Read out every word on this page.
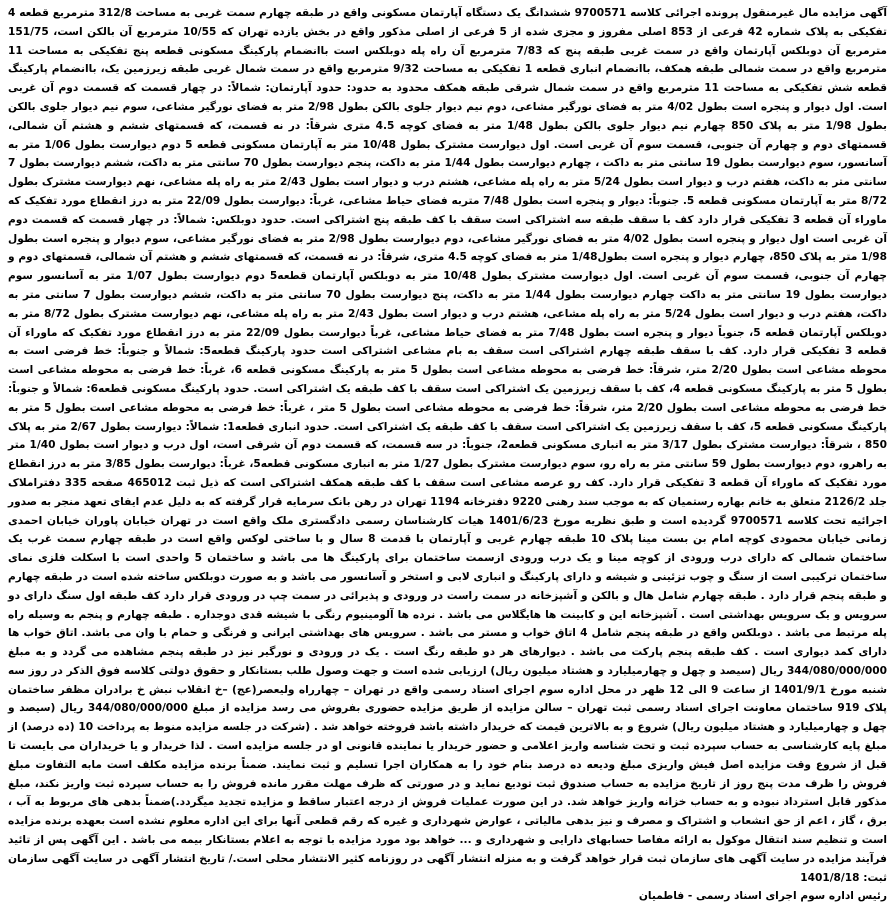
آگهی مزایده مال غیرمنقول پرونده اجرائی کلاسه 9700571 ششدانگ یک دستگاه آپارتمان مسکونی واقع در طبقه چهارم سمت غربی به مساحت 312/8 مترمربع قطعه 4 تفکیکی به پلاک شماره 42 فرعی از 853 اصلی مفروز و مجزی شده از 5 فرعی از اصلی مذکور واقع در بخش یازده تهران که 10/55 مترمربع آن بالکن است، 151/75 مترمربع آن دوبلکس آپارتمان واقع در سمت غربی طبقه پنج که 7/83 مترمربع آن راه پله دوبلکس است باانضمام پارکینگ مسکونی قطعه پنج تفکیکی به مساحت 11 مترمربع واقع در سمت شمالی طبقه همکف، باانضمام انباری قطعه 1 تفکیکی به مساحت 9/32 مترمربع واقع در سمت شمال غربی طبقه زیرزمین یک، باانضمام پارکینگ قطعه شش تفکیکی به مساحت 11 مترمربع واقع در سمت شمال شرقی طبقه همکف محدود به حدود: حدود آپارتمان: شمالاً: در چهار قسمت که قسمت دوم آن غربی است. اول دیوار و پنجره است بطول 4/02 متر به فضای نورگیر مشاعی، دوم نیم دیوار جلوی بالکن بطول 2/98 متر به فضای نورگیر مشاعی، سوم نیم دیوار جلوی بالکن بطول 1/98 متر به پلاک 850 چهارم نیم دیوار جلوی بالکن بطول 1/48 متر به فضای کوچه 4.5 متری شرقاً: در نه قسمت، که قسمتهای ششم و هشتم آن شمالی، قسمتهای دوم و چهارم آن جنوبی، قسمت سوم آن غربی است. اول دیوارست مشترک بطول 10/48 متر به آپارتمان مسکونی قطعه 5 دوم دیوارست بطول 1/06 متر به آسانسور، سوم دیوارست بطول 19 سانتی متر به داکت ، چهارم دیوارست بطول 1/44 متر به داکت، پنجم دیوارست بطول 70 سانتی متر به داکت، ششم دیوارست بطول 7 سانتی متر به داکت، هفتم درب و دیوار است بطول 5/24 متر به راه پله مشاعی، هشتم درب و دیوار است بطول 2/43 متر به راه پله مشاعی، نهم دیوارست مشترک بطول 8/72 متر به آپارتمان مسکونی قطعه 5. جنوباً: دیوار و پنجره است بطول 7/48 متربه فضای حیاط مشاعی، غرباً: دیوارست بطول 22/09 متر به درز انقطاع مورد تفکیک که ماوراء آن قطعه 3 تفکیکی قرار دارد کف با سقف طبقه سه اشتراکی است سقف با کف طبقه پنج اشتراکی است. حدود دوبلکس: شمالاً: در چهار قسمت که قسمت دوم آن غربی است اول دیوار و پنجره است بطول 4/02 متر به فضای نورگیر مشاعی، دوم دیوارست بطول 2/98 متر به فضای نورگیر مشاعی، سوم دیوار و پنجره است بطول 1/98 متر به پلاک 850، چهارم دیوار و پنجره است بطول1/48 متر به فضای کوچه 4.5 متری، شرقاً: در نه قسمت، که قسمتهای ششم و هشتم آن شمالی، قسمتهای دوم و چهارم آن جنوبی، قسمت سوم آن غربی است. اول دیوارست مشترک بطول 10/48 متر به دوبلکس آپارتمان قطعه5 دوم دیوارست بطول 1/07 متر به آسانسور سوم دیوارست بطول 19 سانتی متر به داکت چهارم دیوارست بطول 1/44 متر به داکت، پنج دیوارست بطول 70 سانتی متر به داکت، ششم دیوارست بطول 7 سانتی متر به داکت، هفتم درب و دیوار است بطول 5/24 متر به راه پله مشاعی، هشتم درب و دیوار است بطول 2/43 متر به راه پله مشاعی، نهم دیوارست مشترک بطول 8/72 متر به دوبلکس آپارتمان قطعه 5، جنوباً دیوار و پنجره است بطول 7/48 متر به فضای حیاط مشاعی، غرباً دیوارست بطول 22/09 متر به درز انقطاع مورد تفکیک که ماوراء آن قطعه 3 تفکیکی قرار دارد. کف با سقف طبقه چهارم اشتراکی است سقف به بام مشاعی اشتراکی است حدود پارکینگ قطعه5: شمالاً و جنوباً: خط فرضی است به محوطه مشاعی است بطول 2/20 متر، شرقاً: خط فرضی به محوطه مشاعی است بطول 5 متر به پارکینگ مسکونی قطعه 6، غرباً: خط فرضی به محوطه مشاعی است بطول 5 متر به پارکینگ مسکونی قطعه 4، کف با سقف زیرزمین یک اشتراکی است سقف با کف طبقه یک اشتراکی است. حدود پارکینگ مسکونی قطعه6: شمالاً و جنوباً: خط فرضی به محوطه مشاعی است بطول 2/20 متر، شرقاً: خط فرضی به محوطه مشاعی است بطول 5 متر ، غرباً: خط فرضی به محوطه مشاعی است بطول 5 متر به پارکینگ مسکونی قطعه 5، کف با سقف زیرزمین یک اشتراکی است سقف با کف طبقه یک اشتراکی است. حدود انباری قطعه1: شمالاً: دیوارست بطول 2/67 متر به پلاک 850 ، شرقاً: دیوارست مشترک بطول 3/17 متر به انباری مسکونی قطعه2، جنوباً: در سه قسمت، که قسمت دوم آن شرقی است، اول درب و دیوار است بطول 1/40 متر به راهرو، دوم دیوارست بطول 59 سانتی متر به راه رو، سوم دیوارست مشترک بطول 1/27 متر به انباری مسکونی قطعه5، غرباً: دیوارست بطول 3/85 متر به درز انقطاع مورد تفکیک که ماوراء آن قطعه 3 تفکیکی قرار دارد. کف رو عرصه مشاعی است سقف با کف طبقه همکف اشتراکی است که ذیل ثبت 465012 صفحه 335 دفتراملاک جلد 2126/2 متعلق به خانم بهاره رستمیان که به موجب سند رهنی 9220 دفترخانه 1194 تهران در رهن بانک سرمایه قرار گرفته که به دلیل عدم ایفای تعهد منجر به صدور اجرائیه تحت کلاسه 9700571 گردیده است و طبق نظریه مورخ 1401/6/23 هیات کارشناسان رسمی دادگستری ملک واقع است در تهران خیابان پاوران خیابان احمدی زمانی خیابان محمودی کوچه امام بن بست مینا پلاک 10 طبقه چهارم غربی و آپارتمان با قدمت 8 سال و با ساختی لوکس واقع است در طبقه چهارم سمت غرب یک ساختمان شمالی که دارای درب ورودی از کوچه مینا و یک درب ورودی ازسمت ساختمان برای پارکینگ ها می باشد و ساختمان 5 واحدی است با اسکلت فلزی نمای ساختمان ترکیبی است از سنگ و چوب تزئینی و شیشه و دارای پارکینگ و انباری لابی و استخر و آسانسور می باشد و به صورت دوبلکس ساخته شده است در طبقه چهارم و طبقه پنجم قرار دارد . طبقه چهارم شامل هال و بالکن و آشپزخانه در سمت راست در ورودی و پذیرائی در سمت چپ در ورودی قرار دارد کف طبقه اول سنگ دارای دو سرویس و یک سرویس بهداشتی است . آشپزخانه این و کابینت ها هایگلاس می باشد . نرده ها آلومینیوم رنگی با شیشه قدی دوجداره . طبقه چهارم و پنجم به وسیله راه پله مرتبط می باشد . دوبلکس واقع در طبقه پنجم شامل 4 اتاق خواب و مستر می باشد . سرویس های بهداشتی ایرانی و فرنگی و حمام با وان می باشد. اتاق خواب ها دارای کمد دیواری است . کف طبقه پنجم پارکت می باشد . دیوارهای هر دو طبقه رنگ است . یک در ورودی و نورگیر نیز در طبقه پنجم مشاهده می گردد و به مبلغ 344/080/000/000 ریال (سیصد و چهل و چهارمیلیارد و هشتاد میلیون ریال) ارزیابی شده است و جهت وصول طلب بستانکار و حقوق دولتی کلاسه فوق الذکر در روز سه شنبه مورخ 1401/9/1 از ساعت 9 الی 12 ظهر در محل اداره سوم اجرای اسناد رسمی واقع در تهران – چهارراه ولیعصر(عج) –خ انقلاب نبش خ برادران مظفر ساختمان پلاک 919 ساختمان معاونت اجرای اسناد رسمی ثبت تهران – سالن مزایده از طریق مزایده حضوری بفروش می رسد مزایده از مبلغ 344/080/000/000 ریال (سیصد و چهل و چهارمیلیارد و هشتاد میلیون ریال) شروع و به بالاترین قیمت که خریدار داشته باشد فروخته خواهد شد . (شرکت در جلسه مزایده منوط به پرداخت 10 (ده درصد) از مبلغ پایه کارشناسی به حساب سپرده ثبت و تحت شناسه واریز اعلامی و حضور خریدار یا نماینده قانونی او در جلسه مزایده است . لذا خریدار و یا خریداران می بایست تا قبل از شروع وقت مزایده اصل فیش واریزی مبلغ ودیعه ده درصد بنام خود را به همکاران اجرا تسلیم و ثبت نمایند. ضمناً برنده مزایده مکلف است مابه التفاوت مبلغ فروش را ظرف مدت پنج روز از تاریخ مزایده به حساب صندوق ثبت تودیع نماید و در صورتی که ظرف مهلت مقرر مانده فروش را به حساب سپرده ثبت واریز نکند، مبلغ مذکور قابل استرداد نبوده و به حساب خزانه واریز خواهد شد. در این صورت عملیات فروش از درجه اعتبار ساقط و مزایده تجدید میگردد.)ضمناً بدهی های مربوط به آب ، برق ، گاز ، اعم از حق انشعاب و اشتراک و مصرف و نیز بدهی مالیاتی ، عوارض شهرداری و غیره که رقم قطعی آنها برای این اداره معلوم نشده است بعهده برنده مزایده است و تنظیم سند انتقال موکول به ارائه مفاصا حسابهای دارایی و شهرداری و ... خواهد بود مورد مزایده با توجه به اعلام بستانکار بیمه می باشد . این آگهی پس از تائید فرآیند مزایده در سایت آگهی های سازمان ثبت قرار خواهد گرفت و به منزله انتشار آگهی در روزنامه کثیر الانتشار محلی است./ تاریخ انتشار آگهی در سایت آگهی سازمان ثبت: 1401/8/18

رئیس اداره سوم اجرای اسناد رسمی - فاطمیان
